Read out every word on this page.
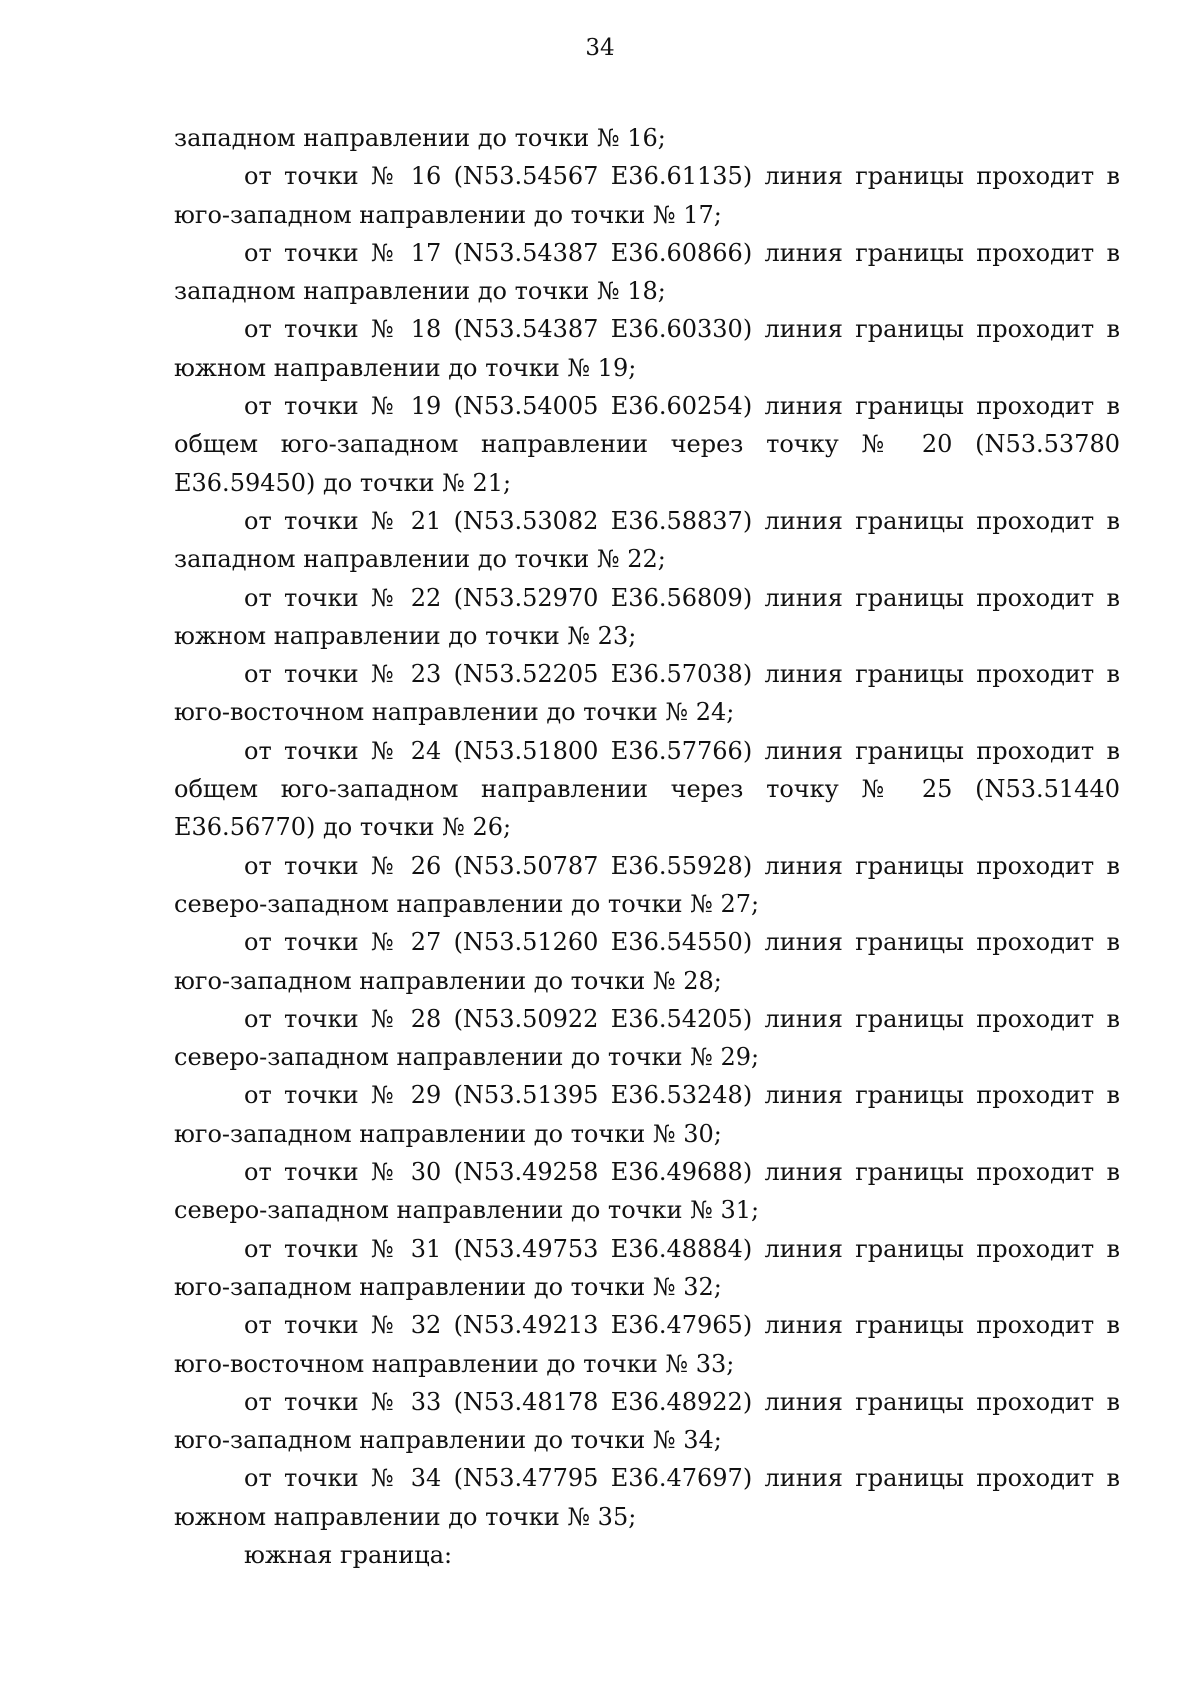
34

западном направлении до точки № 16;

от точки № 16 (N53.54567 E36.61135) линия границы проходит в юго-западном направлении до точки № 17;

от точки № 17 (N53.54387 E36.60866) линия границы проходит в западном направлении до точки № 18;

от точки № 18 (N53.54387 E36.60330) линия границы проходит в южном направлении до точки № 19;

от точки № 19 (N53.54005 E36.60254) линия границы проходит в общем юго-западном направлении через точку № 20 (N53.53780 E36.59450) до точки № 21;

от точки № 21 (N53.53082 E36.58837) линия границы проходит в западном направлении до точки № 22;

от точки № 22 (N53.52970 E36.56809) линия границы проходит в южном направлении до точки № 23;

от точки № 23 (N53.52205 E36.57038) линия границы проходит в юго-восточном направлении до точки № 24;

от точки № 24 (N53.51800 E36.57766) линия границы проходит в общем юго-западном направлении через точку № 25 (N53.51440 E36.56770) до точки № 26;

от точки № 26 (N53.50787 E36.55928) линия границы проходит в северо-западном направлении до точки № 27;

от точки № 27 (N53.51260 E36.54550) линия границы проходит в юго-западном направлении до точки № 28;

от точки № 28 (N53.50922 E36.54205) линия границы проходит в северо-западном направлении до точки № 29;

от точки № 29 (N53.51395 E36.53248) линия границы проходит в юго-западном направлении до точки № 30;

от точки № 30 (N53.49258 E36.49688) линия границы проходит в северо-западном направлении до точки № 31;

от точки № 31 (N53.49753 E36.48884) линия границы проходит в юго-западном направлении до точки № 32;

от точки № 32 (N53.49213 E36.47965) линия границы проходит в юго-восточном направлении до точки № 33;

от точки № 33 (N53.48178 E36.48922) линия границы проходит в юго-западном направлении до точки № 34;

от точки № 34 (N53.47795 E36.47697) линия границы проходит в южном направлении до точки № 35;

южная граница:
